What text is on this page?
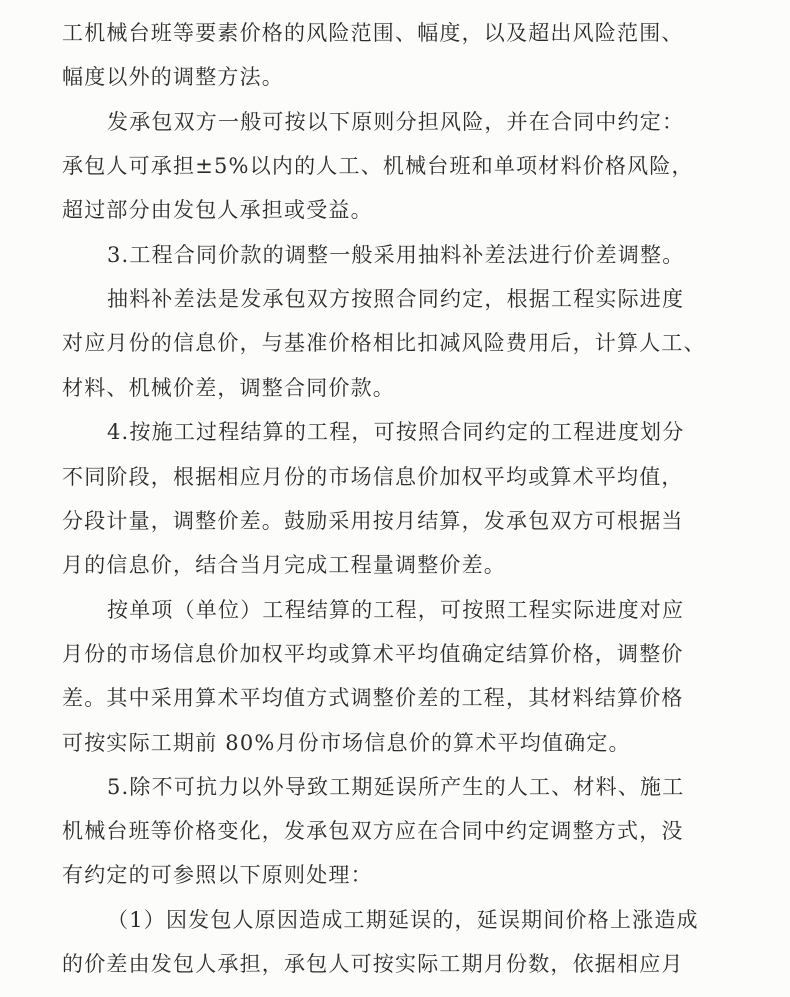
工机械台班等要素价格的风险范围、幅度，以及超出风险范围、
幅度以外的调整方法。
发承包双方一般可按以下原则分担风险，并在合同中约定：
承包人可承担±5%以内的人工、机械台班和单项材料价格风险，
超过部分由发包人承担或受益。
3.工程合同价款的调整一般采用抽料补差法进行价差调整。
抽料补差法是发承包双方按照合同约定，根据工程实际进度
对应月份的信息价，与基准价格相比扣减风险费用后，计算人工、
材料、机械价差，调整合同价款。
4.按施工过程结算的工程，可按照合同约定的工程进度划分
不同阶段，根据相应月份的市场信息价加权平均或算术平均值，
分段计量，调整价差。鼓励采用按月结算，发承包双方可根据当
月的信息价，结合当月完成工程量调整价差。
按单项（单位）工程结算的工程，可按照工程实际进度对应
月份的市场信息价加权平均或算术平均值确定结算价格，调整价
差。其中采用算术平均值方式调整价差的工程，其材料结算价格
可按实际工期前 80%月份市场信息价的算术平均值确定。
5.除不可抗力以外导致工期延误所产生的人工、材料、施工
机械台班等价格变化，发承包双方应在合同中约定调整方式，没
有约定的可参照以下原则处理：
（1）因发包人原因造成工期延误的，延误期间价格上涨造成
的价差由发包人承担，承包人可按实际工期月份数，依据相应月
